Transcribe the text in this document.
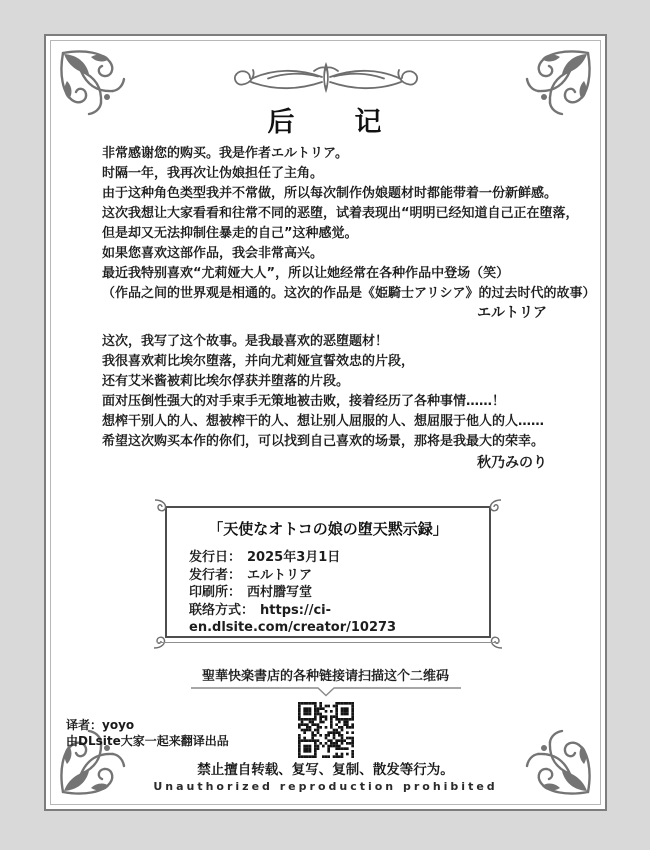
后　　记
非常感谢您的购买。我是作者エルトリア。
时隔一年，我再次让伪娘担任了主角。
由于这种角色类型我并不常做，所以每次制作伪娘题材时都能带着一份新鲜感。
这次我想让大家看看和往常不同的恶堕，试着表现出“明明已经知道自己正在堕落，
但是却又无法抑制住暴走的自己”这种感觉。
如果您喜欢这部作品，我会非常高兴。
最近我特别喜欢“尤莉娅大人”，所以让她经常在各种作品中登场（笑）
（作品之间的世界观是相通的。这次的作品是《姫騎士アリシア》的过去时代的故事）
エルトリア
这次，我写了这个故事。是我最喜欢的恶堕题材！
我很喜欢莉比埃尔堕落，并向尤莉娅宣誓效忠的片段，
还有艾米酱被莉比埃尔俘获并堕落的片段。
面对压倒性强大的对手束手无策地被击败，接着经历了各种事情……！
想榨干别人的人、想被榨干的人、想让别人屈服的人、想屈服于他人的人……
希望这次购买本作的你们，可以找到自己喜欢的场景，那将是我最大的荣幸。
秋乃みのり
「天使なオトコの娘の堕天黙示録」
发行日： 2025年3月1日
发行者： エルトリア
印刷所： 西村謄写堂
联络方式： https://ci-en.dlsite.com/creator/10273
聖華快楽書店的各种链接请扫描这个二维码
译者：yoyo
由DLsite大家一起来翻译出品
禁止擅自转载、复写、复制、散发等行为。
Unauthorized reproduction prohibited
